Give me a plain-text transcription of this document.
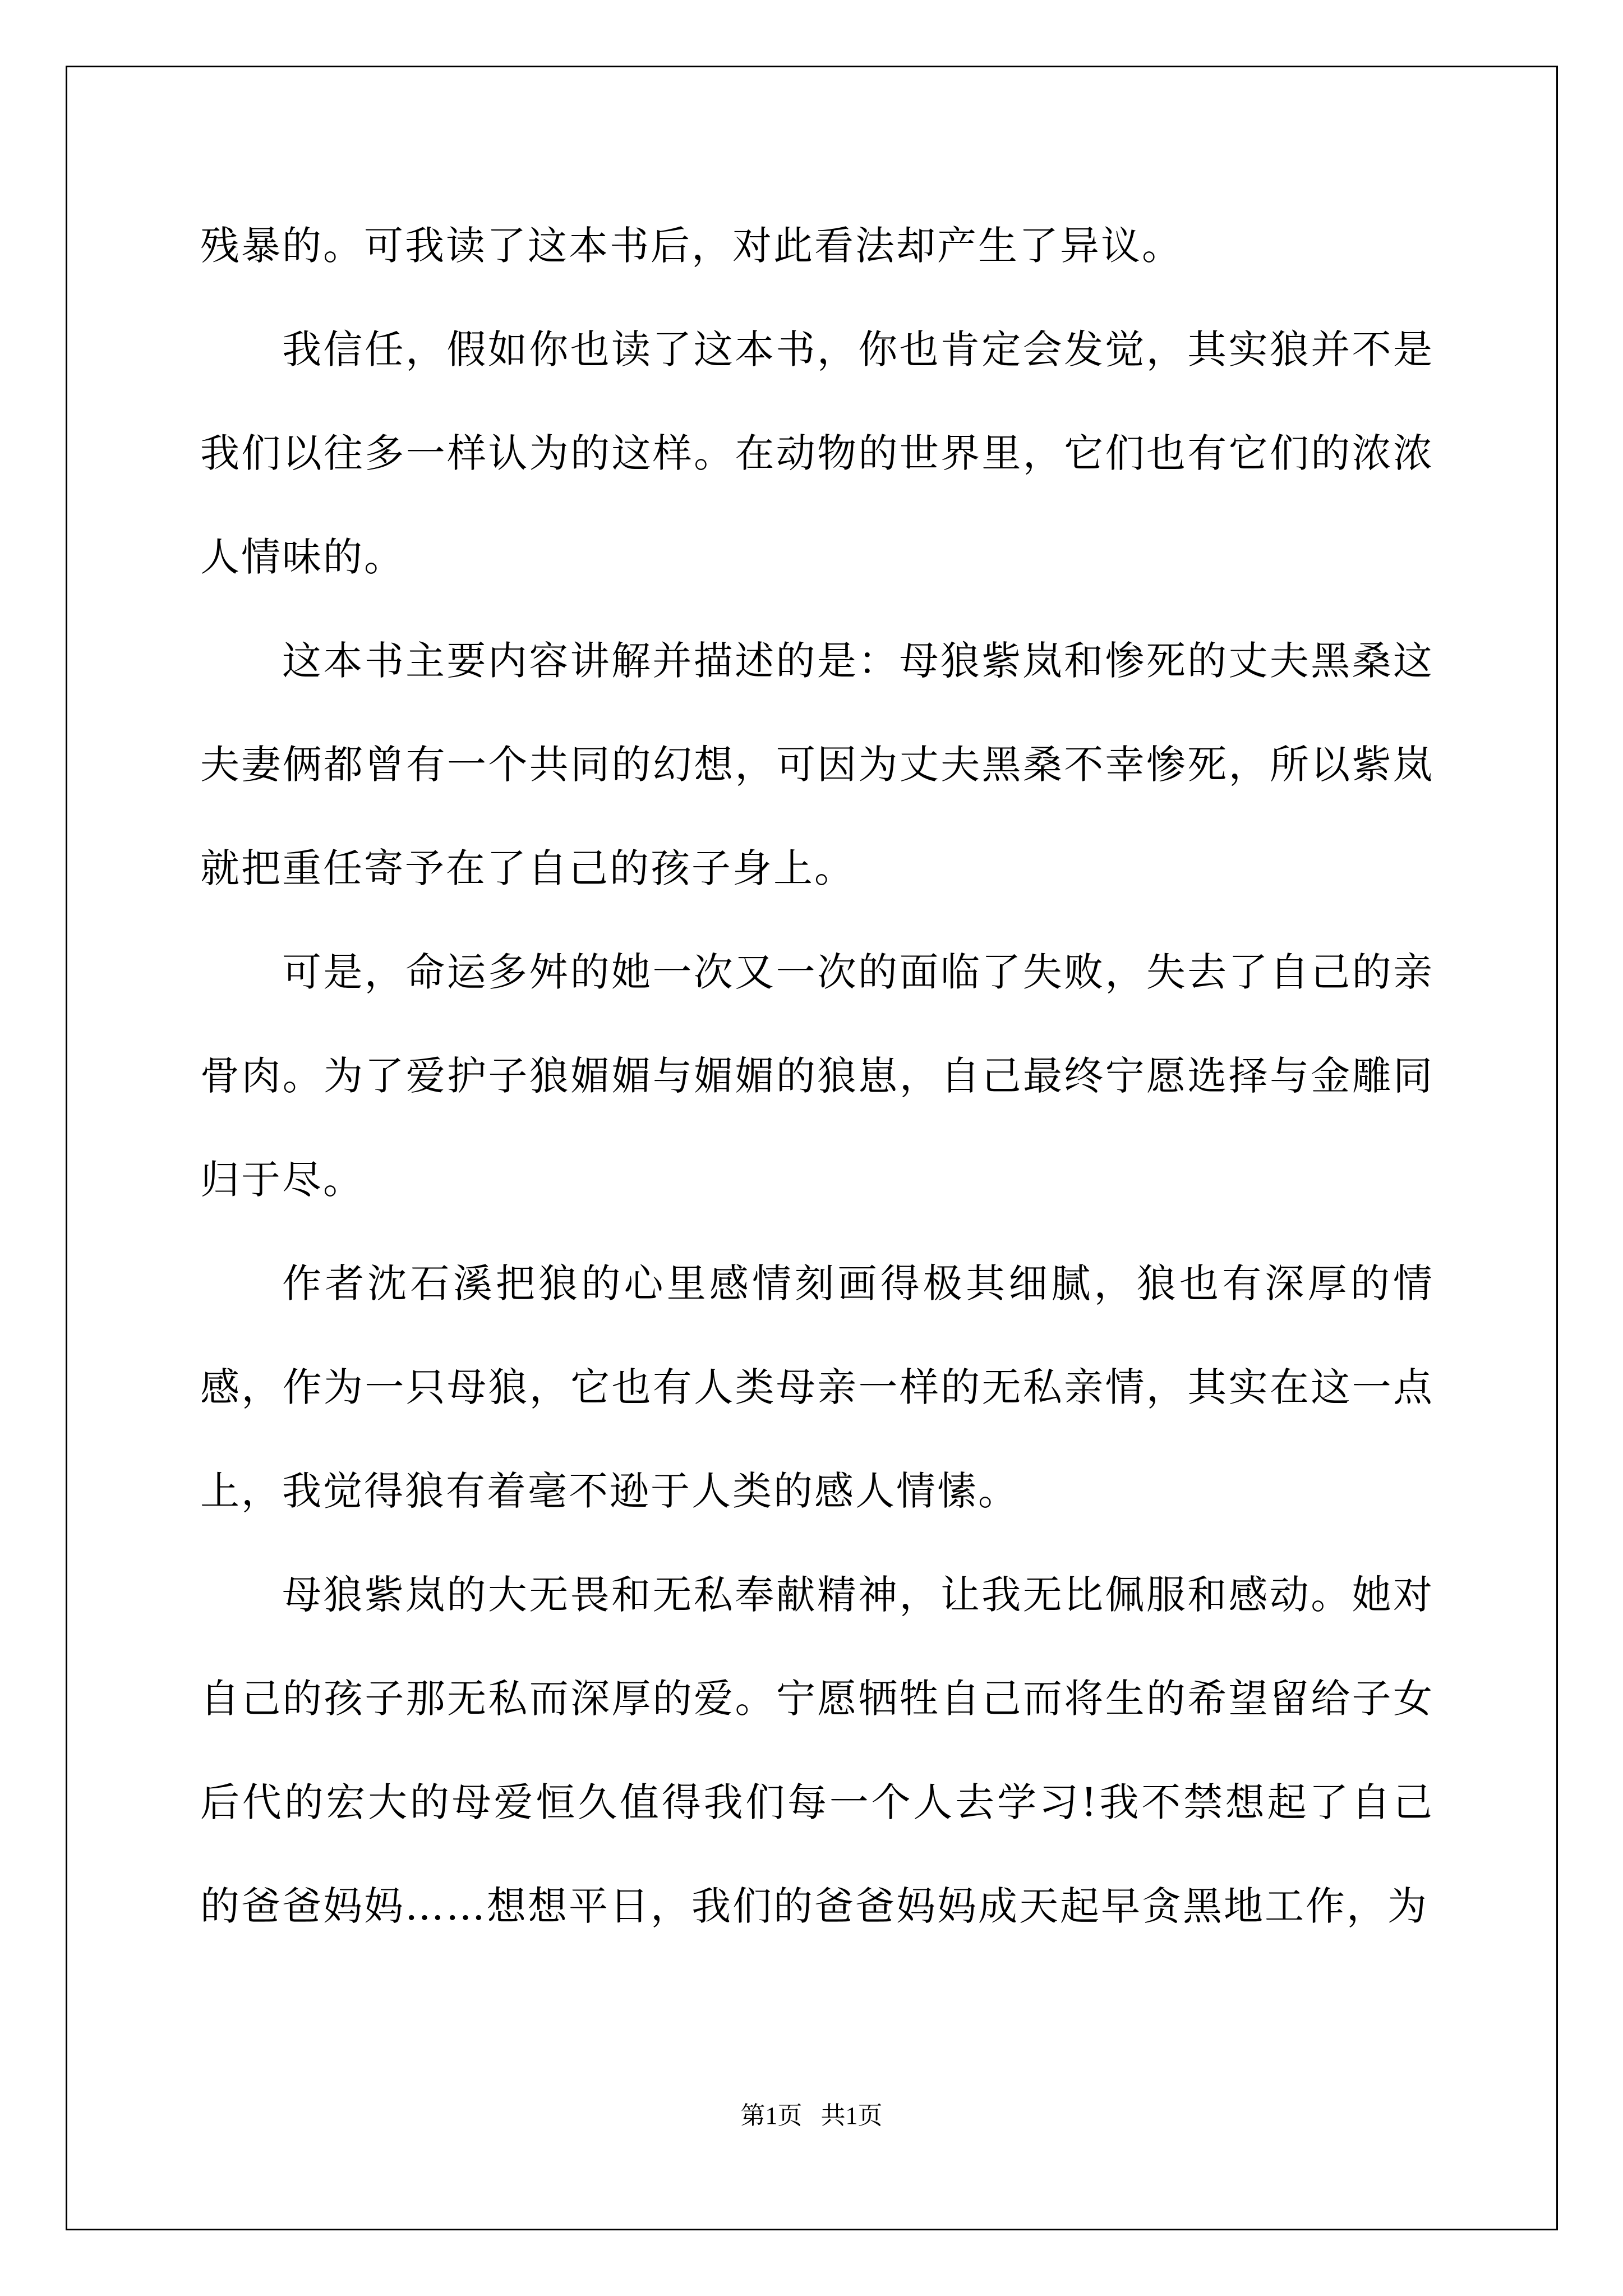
残暴的。可我读了这本书后，对此看法却产生了异议。

我信任，假如你也读了这本书，你也肯定会发觉，其实狼并不是我们以往多一样认为的这样。在动物的世界里，它们也有它们的浓浓人情味的。

这本书主要内容讲解并描述的是：母狼紫岚和惨死的丈夫黑桑这夫妻俩都曾有一个共同的幻想，可因为丈夫黑桑不幸惨死，所以紫岚就把重任寄予在了自己的孩子身上。

可是，命运多舛的她一次又一次的面临了失败，失去了自己的亲骨肉。为了爱护子狼媚媚与媚媚的狼崽，自己最终宁愿选择与金雕同归于尽。

作者沈石溪把狼的心里感情刻画得极其细腻，狼也有深厚的情感，作为一只母狼，它也有人类母亲一样的无私亲情，其实在这一点上，我觉得狼有着毫不逊于人类的感人情愫。

母狼紫岚的大无畏和无私奉献精神，让我无比佩服和感动。她对自己的孩子那无私而深厚的爱。宁愿牺牲自己而将生的希望留给子女后代的宏大的母爱恒久值得我们每一个人去学习!我不禁想起了自己的爸爸妈妈……想想平日，我们的爸爸妈妈成天起早贪黑地工作，为

第1页   共1页
